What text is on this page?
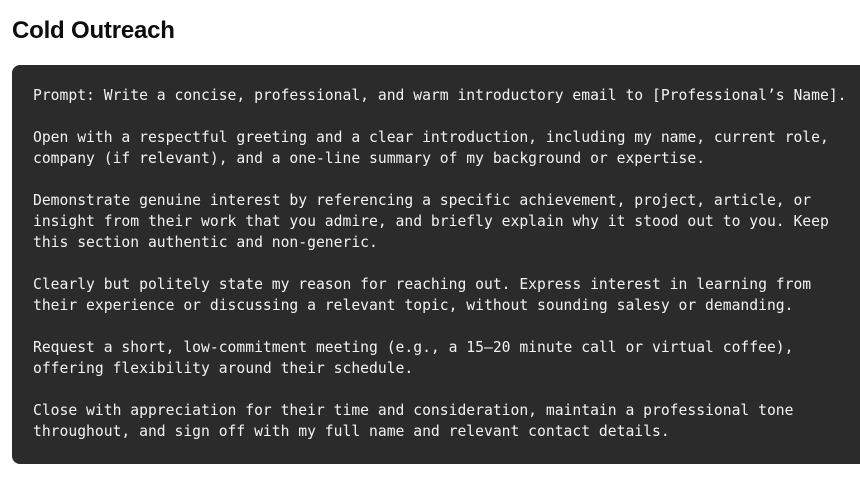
Cold Outreach

Prompt: Write a concise, professional, and warm introductory email to [Professional’s Name].

Open with a respectful greeting and a clear introduction, including my name, current role,
company (if relevant), and a one-line summary of my background or expertise.

Demonstrate genuine interest by referencing a specific achievement, project, article, or
insight from their work that you admire, and briefly explain why it stood out to you. Keep
this section authentic and non-generic.

Clearly but politely state my reason for reaching out. Express interest in learning from
their experience or discussing a relevant topic, without sounding salesy or demanding.

Request a short, low-commitment meeting (e.g., a 15–20 minute call or virtual coffee),
offering flexibility around their schedule.

Close with appreciation for their time and consideration, maintain a professional tone
throughout, and sign off with my full name and relevant contact details.
